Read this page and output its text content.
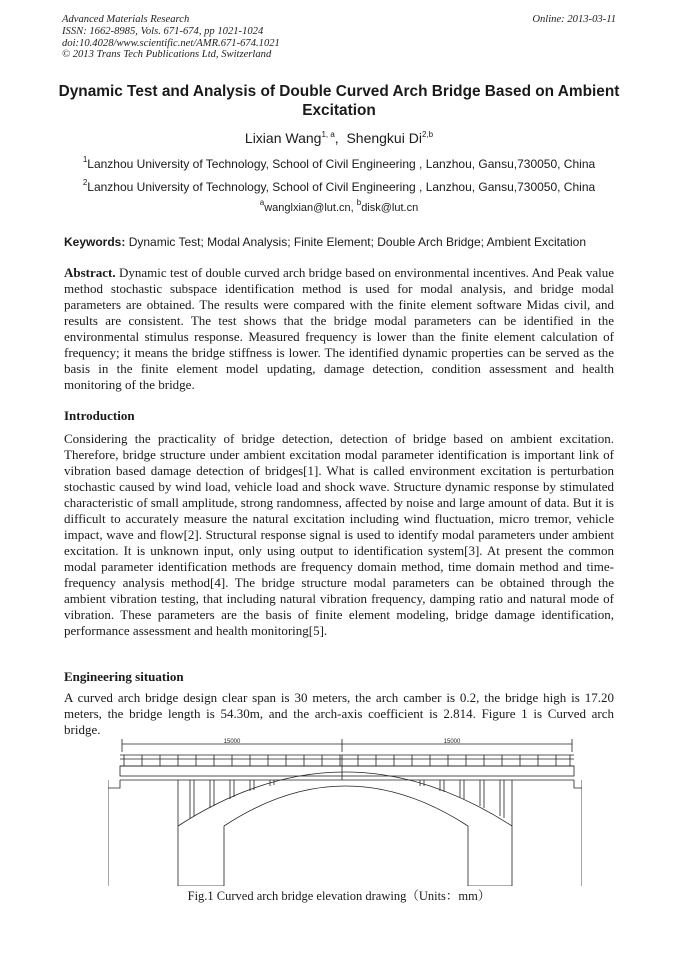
Advanced Materials Research
ISSN: 1662-8985, Vols. 671-674, pp 1021-1024
doi:10.4028/www.scientific.net/AMR.671-674.1021
© 2013 Trans Tech Publications Ltd, Switzerland
Online: 2013-03-11
Dynamic Test and Analysis of Double Curved Arch Bridge Based on Ambient Excitation
Lixian Wang$^{1, a}$,  Shengkui Di$^{2,b}$
$^1$Lanzhou University of Technology, School of Civil Engineering , Lanzhou, Gansu,730050, China
$^2$Lanzhou University of Technology, School of Civil Engineering , Lanzhou, Gansu,730050, China
$^a$wanglxian@lut.cn, $^b$disk@lut.cn
Keywords: Dynamic Test; Modal Analysis; Finite Element; Double Arch Bridge; Ambient Excitation

Abstract. Dynamic test of double curved arch bridge based on environmental incentives. And Peak value method stochastic subspace identification method is used for modal analysis, and bridge modal parameters are obtained. The results were compared with the finite element software Midas civil, and results are consistent. The test shows that the bridge modal parameters can be identified in the environmental stimulus response. Measured frequency is lower than the finite element calculation of frequency; it means the bridge stiffness is lower. The identified dynamic properties can be served as the basis in the finite element model updating, damage detection, condition assessment and health monitoring of the bridge.

Introduction

Considering the practicality of bridge detection, detection of bridge based on ambient excitation. Therefore, bridge structure under ambient excitation modal parameter identification is important link of vibration based damage detection of bridges[1]. What is called environment excitation is perturbation stochastic caused by wind load, vehicle load and shock wave. Structure dynamic response by stimulated characteristic of small amplitude, strong randomness, affected by noise and large amount of data. But it is difficult to accurately measure the natural excitation including wind fluctuation, micro tremor, vehicle impact, wave and flow[2]. Structural response signal is used to identify modal parameters under ambient excitation. It is unknown input, only using output to identification system[3]. At present the common modal parameter identification methods are frequency domain method, time domain method and time-frequency analysis method[4]. The bridge structure modal parameters can be obtained through the ambient vibration testing, that including natural vibration frequency, damping ratio and natural mode of vibration. These parameters are the basis of finite element modeling, bridge damage identification, performance assessment and health monitoring[5].

Engineering situation

A curved arch bridge design clear span is 30 meters, the arch camber is 0.2, the bridge high is 17.20 meters, the bridge length is 54.30m, and the arch-axis coefficient is 2.814. Figure 1 is Curved arch bridge.

15000	15000
Fig.1 Curved arch bridge elevation drawing（Units：mm）
